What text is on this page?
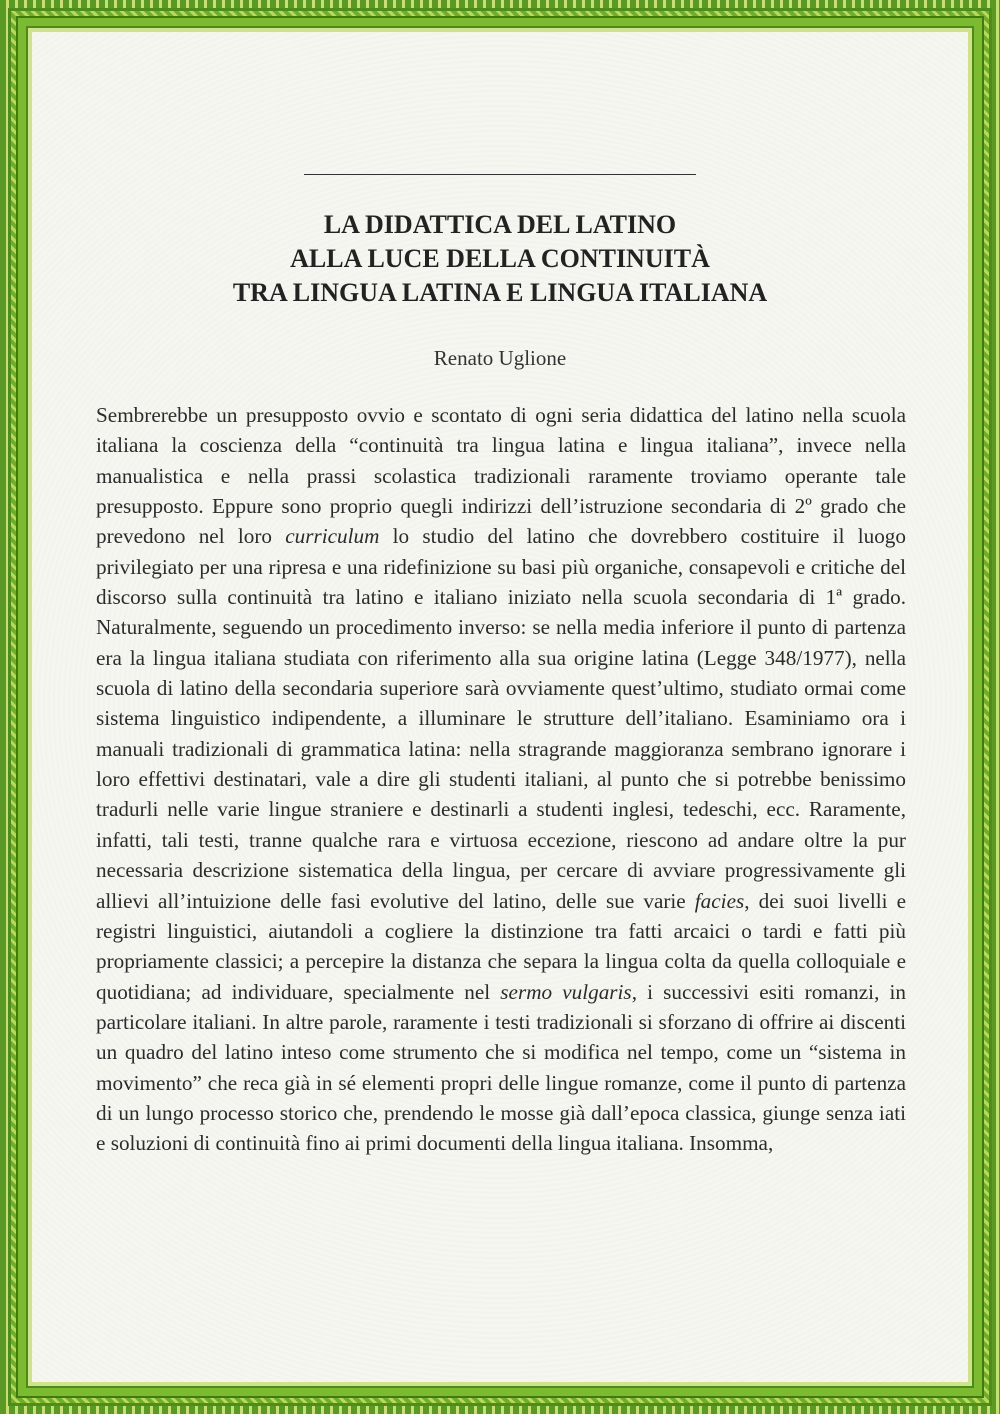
LA DIDATTICA DEL LATINO
ALLA LUCE DELLA CONTINUITÀ
TRA LINGUA LATINA E LINGUA ITALIANA

Renato Uglione

Sembrerebbe un presupposto ovvio e scontato di ogni seria didattica del latino nella scuola italiana la coscienza della “continuità tra lingua latina e lingua italiana”, invece nella manualistica e nella prassi scolastica tradizionali raramente troviamo operante tale presupposto. Eppure sono proprio quegli indirizzi dell’istruzione secondaria di 2º grado che prevedono nel loro curriculum lo studio del latino che dovrebbero costituire il luogo privilegiato per una ripresa e una ridefinizione su basi più organiche, consapevoli e critiche del discorso sulla continuità tra latino e italiano iniziato nella scuola secondaria di 1ª grado. Naturalmente, seguendo un procedimento inverso: se nella media inferiore il punto di partenza era la lingua italiana studiata con riferimento alla sua origine latina (Legge 348/1977), nella scuola di latino della secondaria superiore sarà ovviamente quest’ultimo, studiato ormai come sistema linguistico indipendente, a illuminare le strutture dell’italiano. Esaminiamo ora i manuali tradizionali di grammatica latina: nella stragrande maggioranza sembrano ignorare i loro effettivi destinatari, vale a dire gli studenti italiani, al punto che si potrebbe benissimo tradurli nelle varie lingue straniere e destinarli a studenti inglesi, tedeschi, ecc. Raramente, infatti, tali testi, tranne qualche rara e virtuosa eccezione, riescono ad andare oltre la pur necessaria descrizione sistematica della lingua, per cercare di avviare progressivamente gli allievi all’intuizione delle fasi evolutive del latino, delle sue varie facies, dei suoi livelli e registri linguistici, aiutandoli a cogliere la distinzione tra fatti arcaici o tardi e fatti più propriamente classici; a percepire la distanza che separa la lingua colta da quella colloquiale e quotidiana; ad individuare, specialmente nel sermo vulgaris, i successivi esiti romanzi, in particolare italiani. In altre parole, raramente i testi tradizionali si sforzano di offrire ai discenti un quadro del latino inteso come strumento che si modifica nel tempo, come un “sistema in movimento” che reca già in sé elementi propri delle lingue romanze, come il punto di partenza di un lungo processo storico che, prendendo le mosse già dall’epoca classica, giunge senza iati e soluzioni di continuità fino ai primi documenti della lingua italiana. Insomma,
